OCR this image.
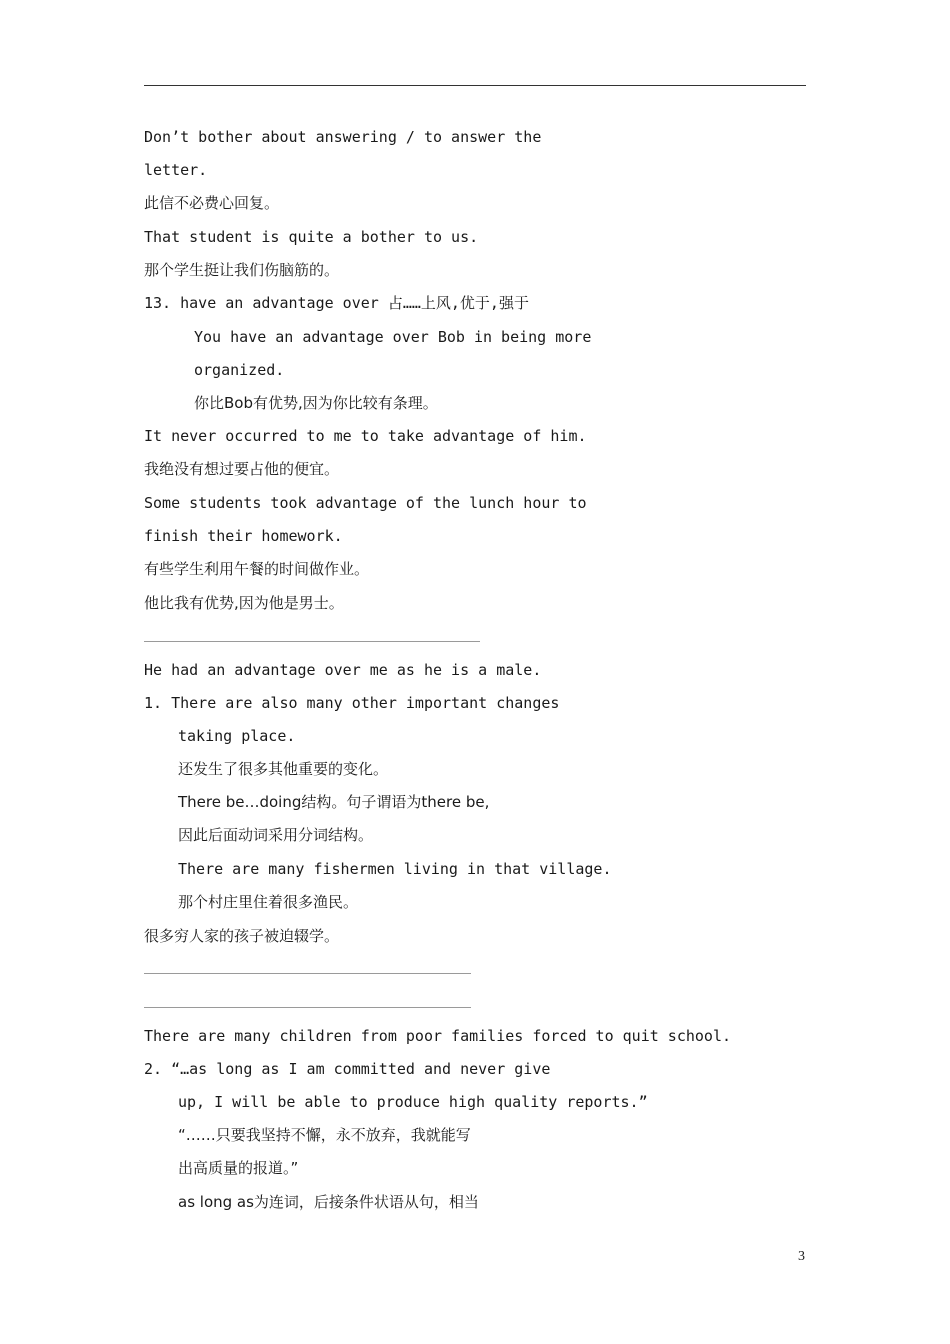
Don’t bother about answering / to answer the
letter.
此信不必费心回复。
That student is quite a bother to us.
那个学生挺让我们伤脑筋的。
13. have an advantage over 占……上风,优于,强于
You have an advantage over Bob in being more
organized.
你比Bob有优势,因为你比较有条理。
It never occurred to me to take advantage of him.
我绝没有想过要占他的便宜。
Some students took advantage of the lunch hour to
finish their homework.
有些学生利用午餐的时间做作业。
他比我有优势,因为他是男士。
He had an advantage over me as he is a male.
1. There are also many other important changes
taking place.
还发生了很多其他重要的变化。
There be…doing结构。句子谓语为there be,
因此后面动词采用分词结构。
There are many fishermen living in that village.
那个村庄里住着很多渔民。
很多穷人家的孩子被迫辍学。
There are many children from poor families forced to quit school.
2. “…as long as I am committed and never give
up, I will be able to produce high quality reports.”
“……只要我坚持不懈，永不放弃，我就能写
出高质量的报道。”
as long as为连词，后接条件状语从句，相当
3
